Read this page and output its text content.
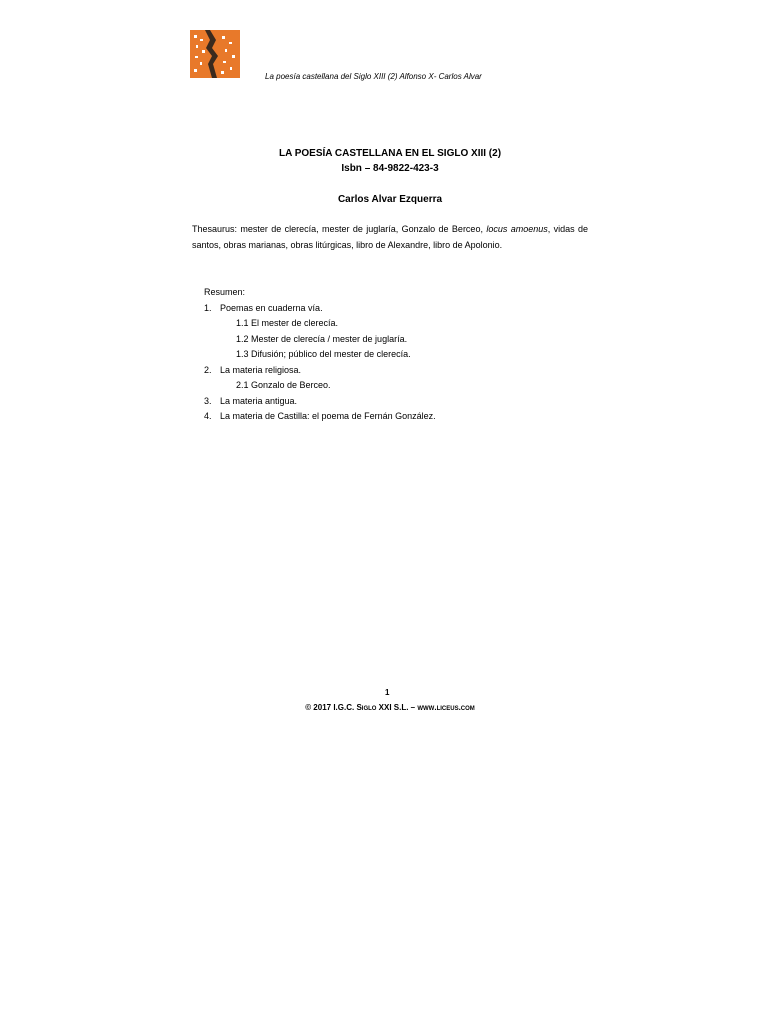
La poesía castellana del Siglo XIII (2) Alfonso X- Carlos Alvar
LA POESÍA CASTELLANA EN EL SIGLO XIII (2)
Isbn – 84-9822-423-3
Carlos Alvar Ezquerra
Thesaurus: mester de clerecía, mester de juglaría, Gonzalo de Berceo, locus amoenus, vidas de santos, obras marianas, obras litúrgicas, libro de Alexandre, libro de Apolonio.
Resumen:
1. Poemas en cuaderna vía.
1.1 El mester de clerecía.
1.2 Mester de clerecía / mester de juglaría.
1.3 Difusión; público del mester de clerecía.
2. La materia religiosa.
2.1 Gonzalo de Berceo.
3. La materia antigua.
4. La materia de Castilla: el poema de Fernán González.
1
© 2017 I.G.C. Siglo XXI S.L. – www.liceus.com
